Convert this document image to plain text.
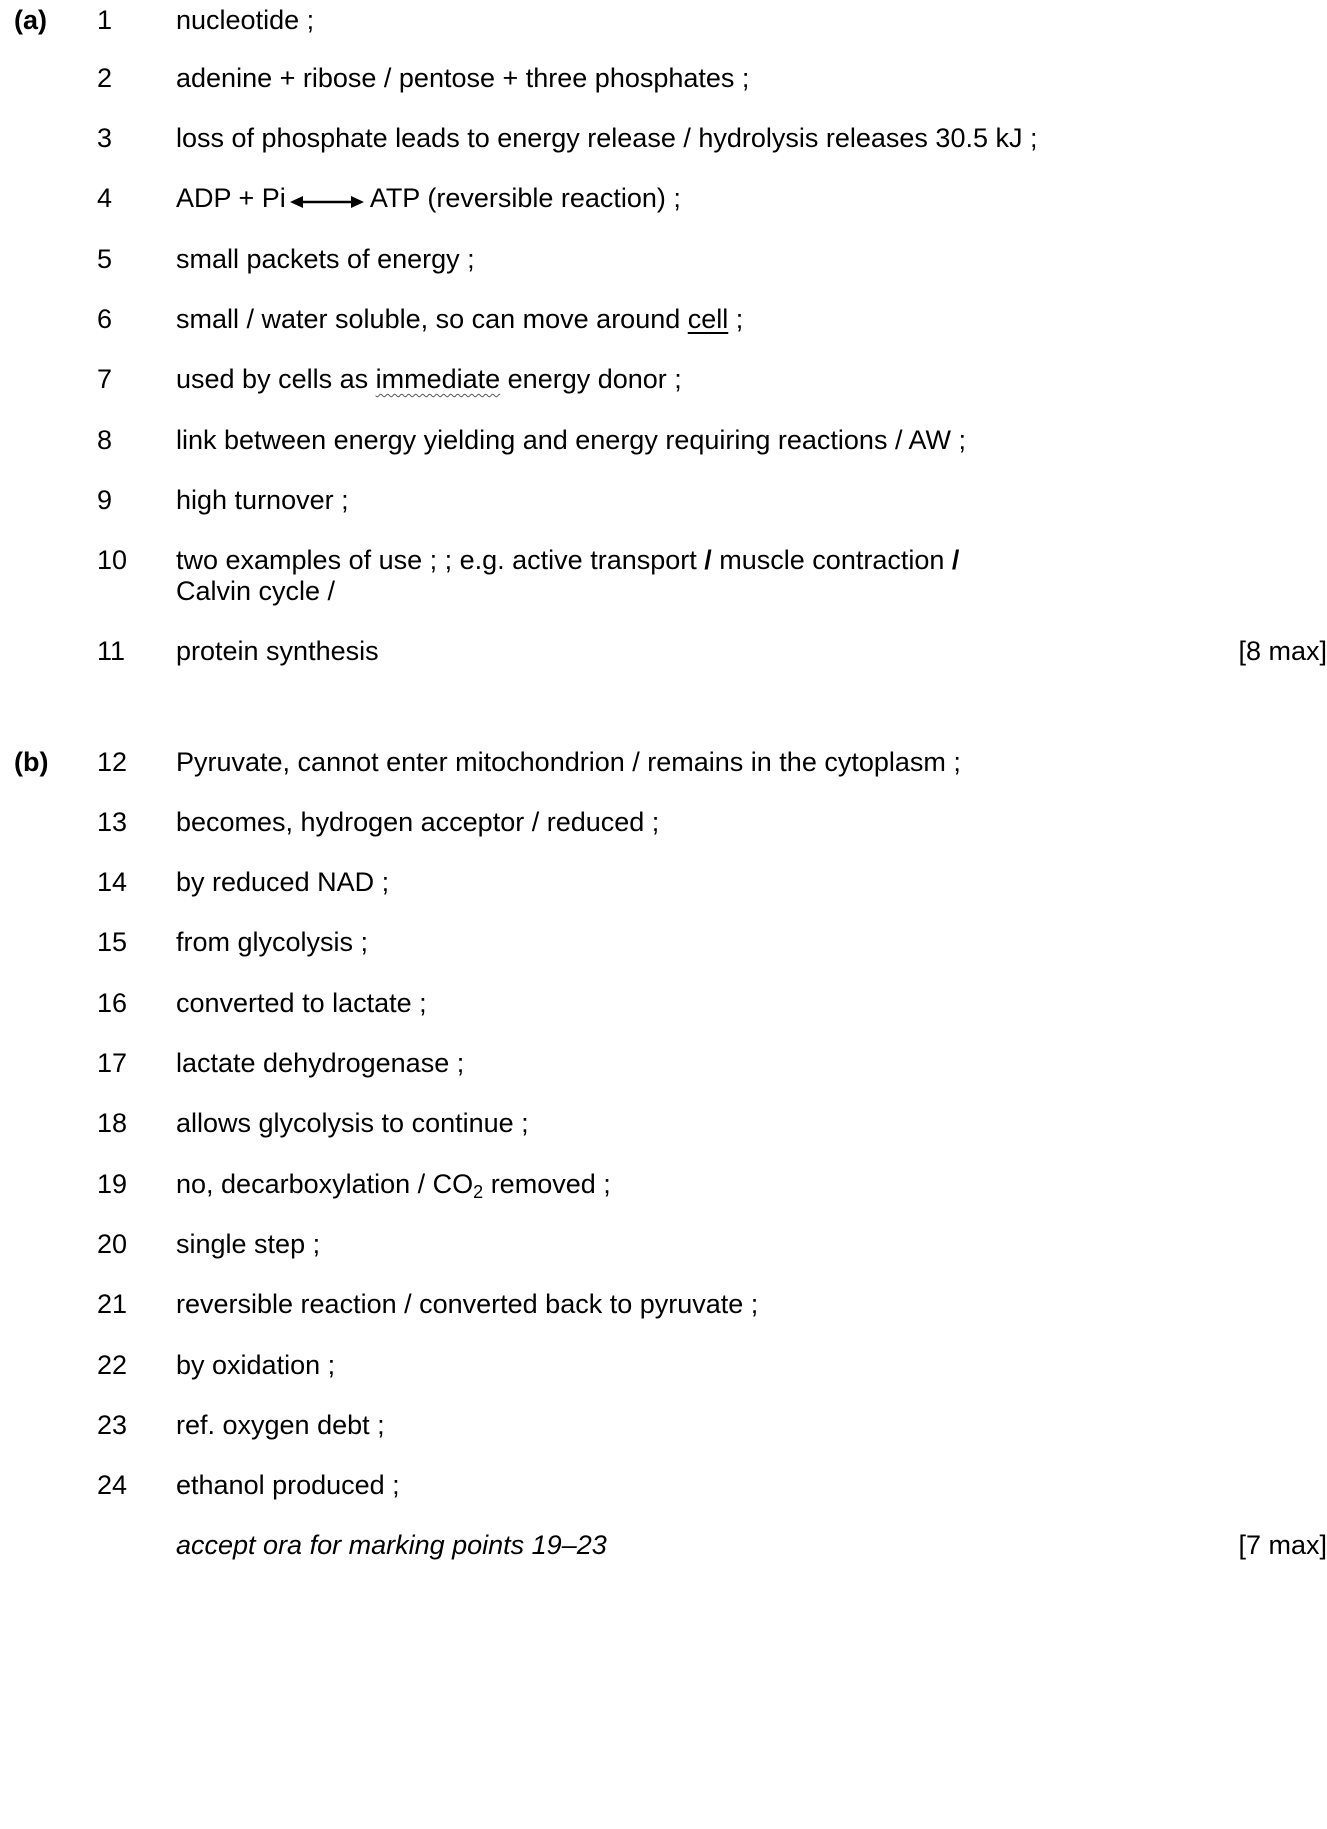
(a) 1 nucleotide ;
2 adenine + ribose / pentose + three phosphates ;
3 loss of phosphate leads to energy release / hydrolysis releases 30.5 kJ ;
4 ADP + Pi	ATP (reversible reaction) ;
5 small packets of energy ;
6 small / water soluble, so can move around cell ;
7 used by cells as immediate energy donor ;
8 link between energy yielding and energy requiring reactions / AW ;
9 high turnover ;
10 two examples of use ; ; e.g. active transport / muscle contraction /
Calvin cycle /
11 protein synthesis	[8 max]
(b) 12 Pyruvate, cannot enter mitochondrion / remains in the cytoplasm ;
13 becomes, hydrogen acceptor / reduced ;
14 by reduced NAD ;
15 from glycolysis ;
16 converted to lactate ;
17 lactate dehydrogenase ;
18 allows glycolysis to continue ;
19 no, decarboxylation / $CO_2$ removed ;
20 single step ;
21 reversible reaction / converted back to pyruvate ;
22 by oxidation ;
23 ref. oxygen debt ;
24 ethanol produced ;
accept ora for marking points 19–23	[7 max]
